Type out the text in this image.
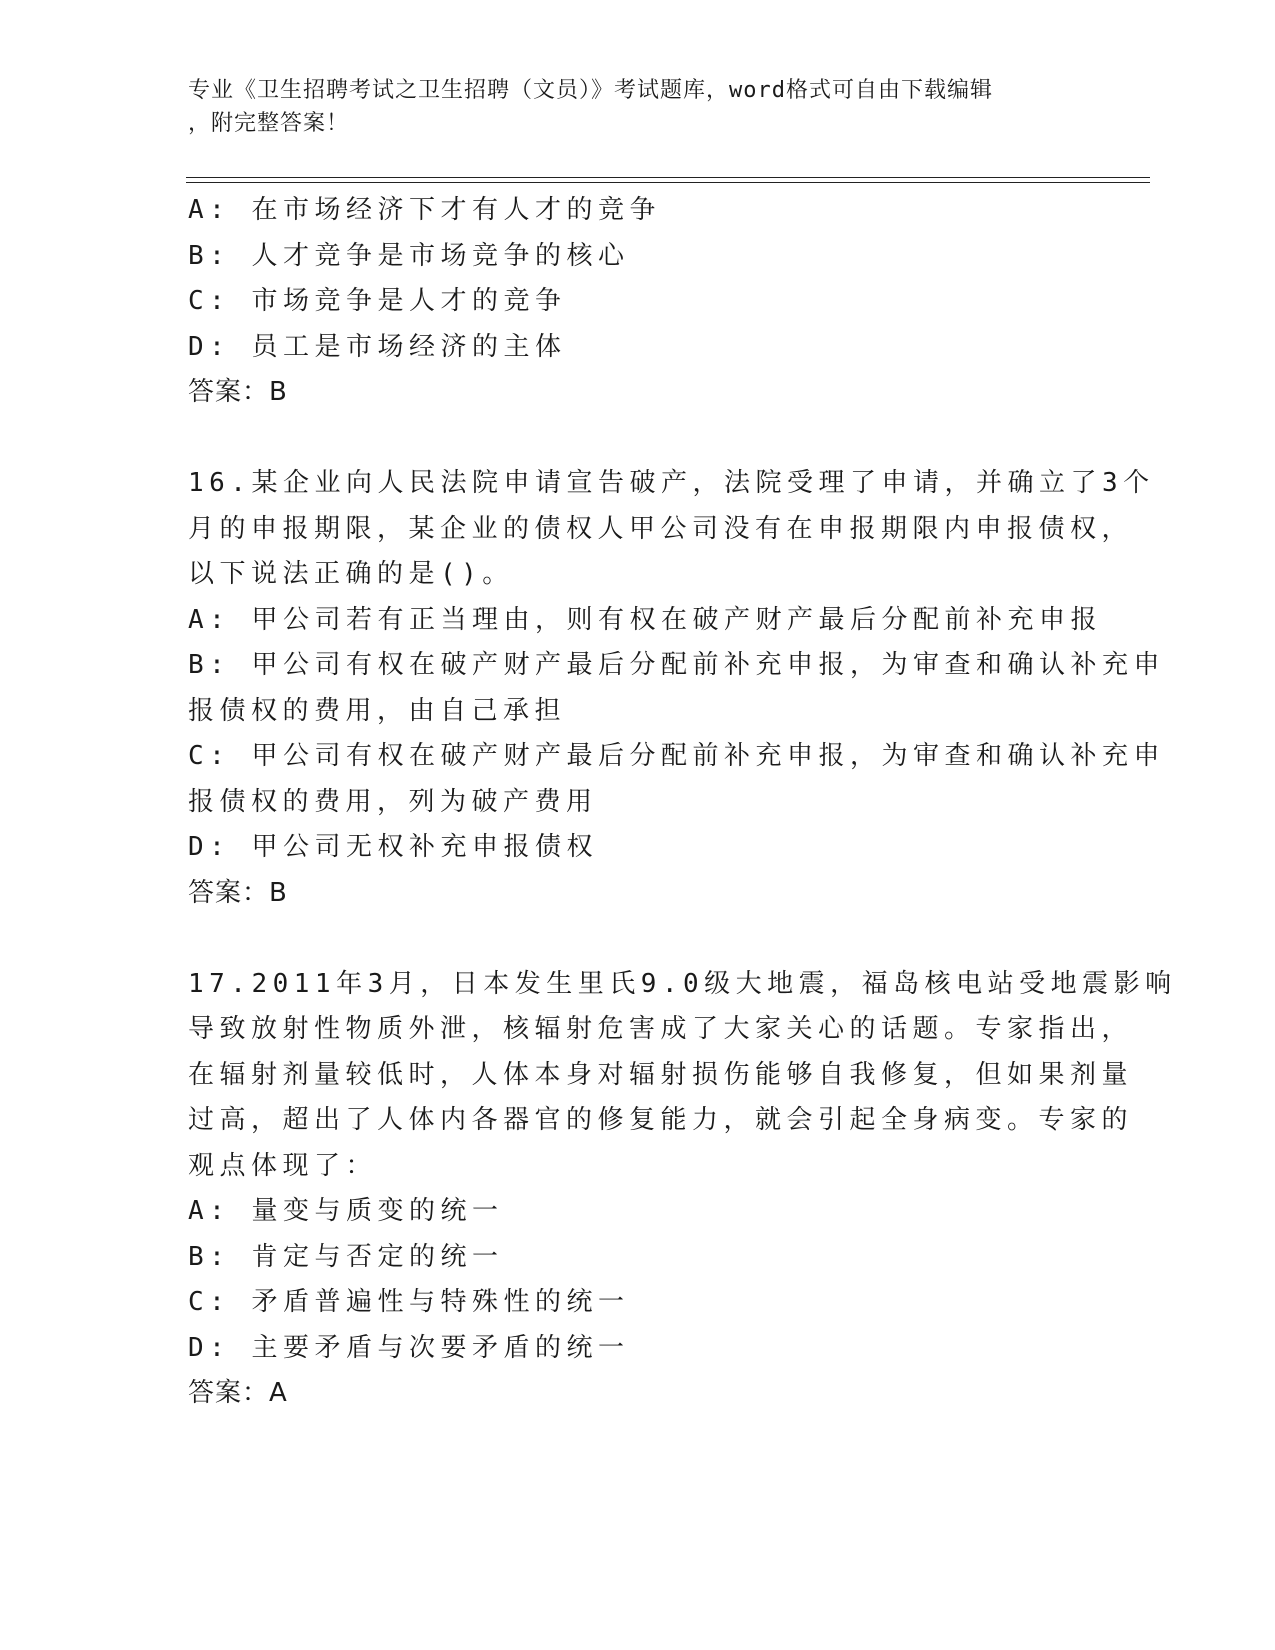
专业《卫生招聘考试之卫生招聘（文员）》考试题库，word格式可自由下载编辑
，附完整答案！
A: 在市场经济下才有人才的竞争
B: 人才竞争是市场竞争的核心
C: 市场竞争是人才的竞争
D: 员工是市场经济的主体
答案：B
16.某企业向人民法院申请宣告破产，法院受理了申请，并确立了3个
月的申报期限，某企业的债权人甲公司没有在申报期限内申报债权，
以下说法正确的是()。
A: 甲公司若有正当理由，则有权在破产财产最后分配前补充申报
B: 甲公司有权在破产财产最后分配前补充申报，为审查和确认补充申
报债权的费用，由自己承担
C: 甲公司有权在破产财产最后分配前补充申报，为审查和确认补充申
报债权的费用，列为破产费用
D: 甲公司无权补充申报债权
答案：B
17.2011年3月，日本发生里氏9.0级大地震，福岛核电站受地震影响
导致放射性物质外泄，核辐射危害成了大家关心的话题。专家指出，
在辐射剂量较低时，人体本身对辐射损伤能够自我修复，但如果剂量
过高，超出了人体内各器官的修复能力，就会引起全身病变。专家的
观点体现了：
A: 量变与质变的统一
B: 肯定与否定的统一
C: 矛盾普遍性与特殊性的统一
D: 主要矛盾与次要矛盾的统一
答案：A
